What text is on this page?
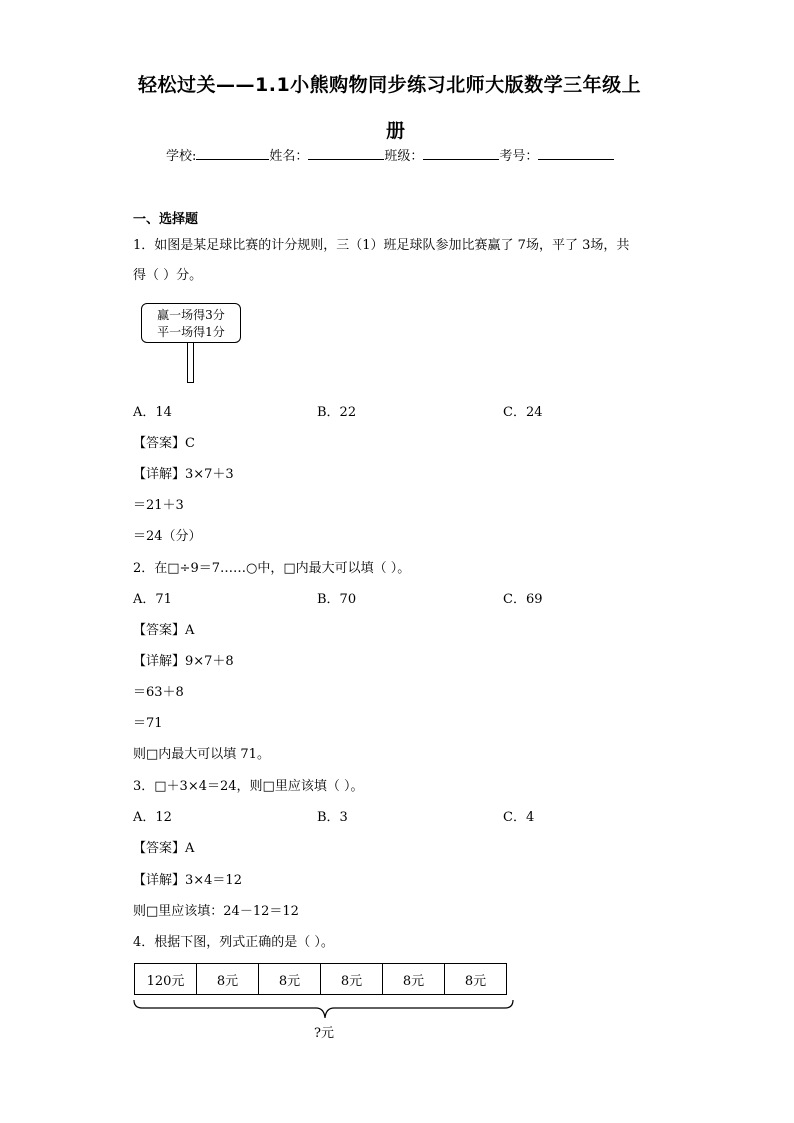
轻松过关——1.1小熊购物同步练习北师大版数学三年级上
册
学校:	姓名：	班级：	考号：
一、选择题
1．如图是某足球比赛的计分规则，三（1）班足球队参加比赛赢了 7场，平了 3场，共
得（ ）分。
赢一场得3分
平一场得1分
A．14	B．22	C．24
【答案】C
【详解】3×7＋3
＝21＋3
＝24（分）
2．在□÷9＝7……○中，□内最大可以填（ ）。
A．71	B．70	C．69
【答案】A
【详解】9×7＋8
＝63＋8
＝71
则□内最大可以填 71。
3．□＋3×4＝24，则□里应该填（ ）。
A．12	B．3	C．4
【答案】A
【详解】3×4＝12
则□里应该填：24－12＝12
4．根据下图，列式正确的是（ ）。
120元	8元	8元	8元	8元	8元
?元
